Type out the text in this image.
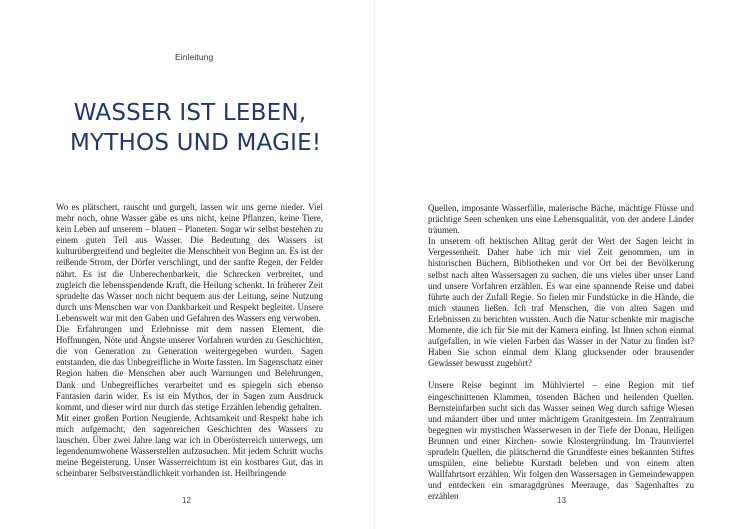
Einleitung
WASSER IST LEBEN,
MYTHOS UND MAGIE!

Wo es plätschert, rauscht und gurgelt, lassen wir uns gerne nieder. Viel mehr noch, ohne Wasser gäbe es uns nicht, keine Pflanzen, keine Tiere, kein Leben auf unserem – blauen – Planeten. Sogar wir selbst bestehen zu einem guten Teil aus Wasser. Die Bedeutung des Wassers ist kulturübergreifend und begleitet die Menschheit von Beginn an. Es ist der reißende Strom, der Dörfer verschlingt, und der sanfte Regen, der Felder nährt. Es ist die Unberechenbarkeit, die Schrecken verbreitet, und zugleich die lebensspendende Kraft, die Heilung schenkt. In früherer Zeit sprudelte das Wasser noch nicht bequem aus der Leitung, seine Nutzung durch uns Menschen war von Dankbarkeit und Respekt begleitet. Unsere Lebenswelt war mit den Gaben und Gefahren des Wassers eng verwoben.

Die Erfahrungen und Erlebnisse mit dem nassen Element, die Hoffnungen, Nöte und Ängste unserer Vorfahren wurden zu Geschichten, die von Generation zu Generation weitergegeben wurden. Sagen entstanden, die das Unbegreifliche in Worte fassten. Im Sagenschatz einer Region haben die Menschen aber auch Warnungen und Belehrungen, Dank und Unbegreifliches verarbeitet und es spiegeln sich ebenso Fantasien darin wider. Es ist ein Mythos, der in Sagen zum Ausdruck kommt, und dieser wird nur durch das stetige Erzählen lebendig gehalten.

Mit einer großen Portion Neugierde, Achtsamkeit und Respekt habe ich mich aufgemacht, den sagenreichen Geschichten des Wassers zu lauschen. Über zwei Jahre lang war ich in Oberösterreich unterwegs, um legendenumwobene Wasserstellen aufzusuchen. Mit jedem Schritt wuchs meine Begeisterung. Unser Wasserreichtum ist ein kostbares Gut, das in scheinbarer Selbstverständlichkeit vorhanden ist. Heilbringende

12

Quellen, imposante Wasserfälle, malerische Bäche, mächtige Flüsse und prächtige Seen schenken uns eine Lebensqualität, von der andere Länder träumen.

In unserem oft hektischen Alltag gerät der Wert der Sagen leicht in Vergessenheit. Daher habe ich mir viel Zeit genommen, um in historischen Büchern, Bibliotheken und vor Ort bei der Bevölkerung selbst nach alten Wassersagen zu suchen, die uns vieles über unser Land und unsere Vorfahren erzählen. Es war eine spannende Reise und dabei führte auch der Zufall Regie. So fielen mir Fundstücke in die Hände, die mich staunen ließen. Ich traf Menschen, die von alten Sagen und Erlebnissen zu berichten wussten. Auch die Natur schenkte mir magische Momente, die ich für Sie mit der Kamera einfing. Ist Ihnen schon einmal aufgefallen, in wie vielen Farben das Wasser in der Natur zu finden ist? Haben Sie schon einmal dem Klang glucksender oder brausender Gewässer bewusst zugehört?

Unsere Reise beginnt im Mühlviertel – eine Region mit tief eingeschnittenen Klammen, tosenden Bächen und heilenden Quellen. Bernsteinfarben sucht sich das Wasser seinen Weg durch saftige Wiesen und mäandert über und unter mächtigem Granitgestein. Im Zentralraum begegnen wir mystischen Wasserwesen in der Tiefe der Donau, Heiligen Brunnen und einer Kirchen- sowie Klostergründung. Im Traunviertel sprudeln Quellen, die plätschernd die Grundfeste eines bekannten Stiftes umspülen, eine beliebte Kurstadt beleben und von einem alten Wallfahrtsort erzählen. Wir folgen den Wassersagen in Gemeindewappen und entdecken ein smaragdgrünes Meerauge, das Sagenhaftes zu erzählen	13
